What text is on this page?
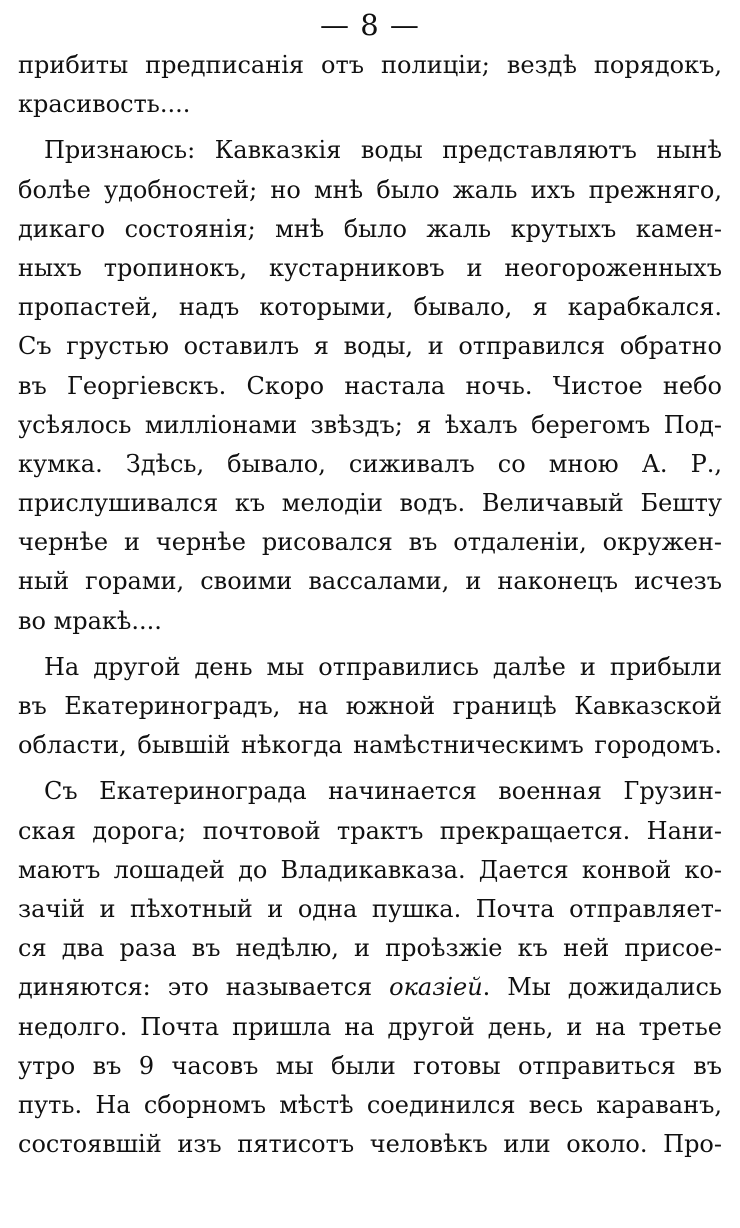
— 8 —
прибиты предписанія отъ полиціи; вездѣ порядокъ,
красивость....
Признаюсь: Кавказкія воды представляютъ нынѣ
болѣе удобностей; но мнѣ было жаль ихъ прежняго,
дикаго состоянія; мнѣ было жаль крутыхъ камен-
ныхъ тропинокъ, кустарниковъ и неогороженныхъ
пропастей, надъ которыми, бывало, я карабкался.
Съ грустью оставилъ я воды, и отправился обратно
въ Георгіевскъ. Скоро настала ночь. Чистое небо
усѣялось милліонами звѣздъ; я ѣхалъ берегомъ Под-
кумка. Здѣсь, бывало, сиживалъ со мною А. Р.,
прислушивался къ мелодіи водъ. Величавый Бешту
чернѣе и чернѣе рисовался въ отдаленіи, окружен-
ный горами, своими вассалами, и наконецъ исчезъ
во мракѣ....
На другой день мы отправились далѣе и прибыли
въ Екатериноградъ, на южной границѣ Кавказской
области, бывшій нѣкогда намѣстническимъ городомъ.
Съ Екатеринограда начинается военная Грузин-
ская дорога; почтовой трактъ прекращается. Нани-
маютъ лошадей до Владикавказа. Дается конвой ко-
зачій и пѣхотный и одна пушка. Почта отправляет-
ся два раза въ недѣлю, и проѣзжіе къ ней присое-
диняются: это называется оказіей. Мы дожидались
недолго. Почта пришла на другой день, и на третье
утро въ 9 часовъ мы были готовы отправиться въ
путь. На сборномъ мѣстѣ соединился весь караванъ,
состоявшій изъ пятисотъ человѣкъ или около. Про-
